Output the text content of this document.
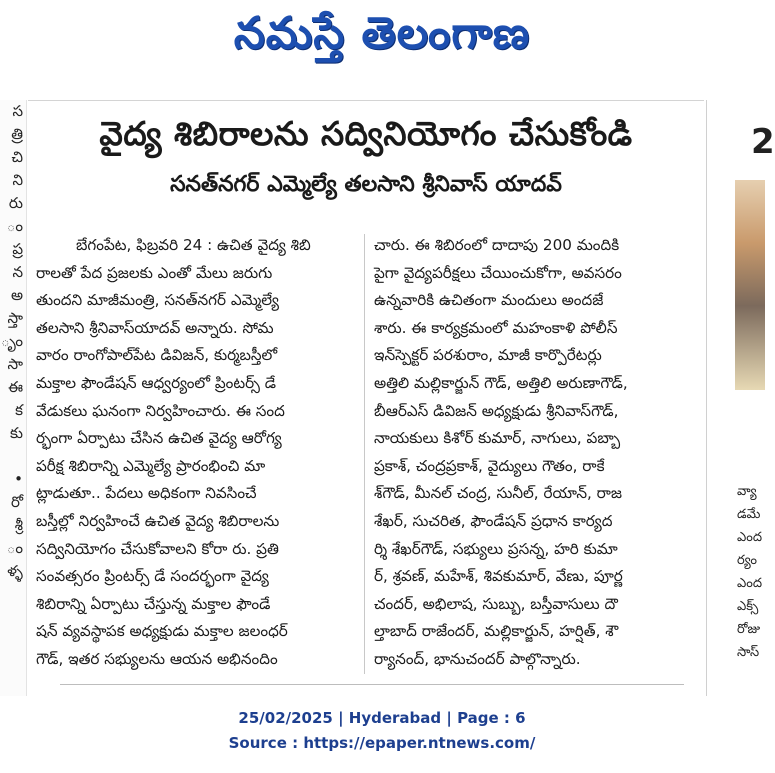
నమస్తే తెలంగాణ
స
త్రి
చి
ని
రు
ం
ప్ర
న
అ
స్తా
ృం
సా
ఈ
క
కు
•
రో
శ్రీ
ం
ళ్ళ
2
వ్యా
డమే
ఎంద
ర్యం
ఎంద
ఎక్స్
రోజు
సాస్
వైద్య శిబిరాలను సద్వినియోగం చేసుకోండి
సనత్‌నగర్ ఎమ్మెల్యే తలసాని శ్రీనివాస్ యాదవ్
బేగంపేట, ఫిబ్రవరి 24 : ఉచిత వైద్య శిబి
రాలతో పేద ప్రజలకు ఎంతో మేలు జరుగు
తుందని మాజీమంత్రి, సనత్‌నగర్ ఎమ్మెల్యే
తలసాని శ్రీనివాస్‌యాదవ్ అన్నారు. సోమ
వారం రాంగోపాల్‌పేట డివిజన్, కుర్మబస్తీలో
మక్తాల ఫౌండేషన్ ఆధ్వర్యంలో ప్రింటర్స్ డే
వేడుకలు ఘనంగా నిర్వహించారు. ఈ సంద
ర్భంగా ఏర్పాటు చేసిన ఉచిత వైద్య ఆరోగ్య
పరీక్ష శిబిరాన్ని ఎమ్మెల్యే ప్రారంభించి మా
ట్లాడుతూ.. పేదలు అధికంగా నివసించే
బస్తీల్లో నిర్వహించే ఉచిత వైద్య శిబిరాలను
సద్వినియోగం చేసుకోవాలని కోరా రు. ప్రతి
సంవత్సరం ప్రింటర్స్ డే సందర్భంగా వైద్య
శిబిరాన్ని ఏర్పాటు చేస్తున్న మక్తాల ఫౌండే
షన్ వ్యవస్థాపక అధ్యక్షుడు మక్తాల జలంధర్
గౌడ్, ఇతర సభ్యులను ఆయన అభినందిం
చారు. ఈ శిబిరంలో దాదాపు 200 మందికి
పైగా వైద్యపరీక్షలు చేయించుకోగా, అవసరం
ఉన్నవారికి ఉచితంగా మందులు అందజే
శారు. ఈ కార్యక్రమంలో మహంకాళి పోలీస్
ఇన్‌స్పెక్టర్ పరశురాం, మాజీ కార్పొరేటర్లు
అత్తిలి మల్లికార్జున్ గౌడ్, అత్తిలి అరుణాగౌడ్,
బీఆర్‌ఎస్ డివిజన్ అధ్యక్షుడు శ్రీనివాస్‌గౌడ్,
నాయకులు కిశోర్ కుమార్, నాగులు, పబ్బా
ప్రకాశ్, చంద్రప్రకాశ్, వైద్యులు గౌతం, రాకే
శ్‌గౌడ్, మీనల్ చంద్ర, సునీల్, రేయాన్, రాజ
శేఖర్, సుచరిత, ఫౌండేషన్ ప్రధాన కార్యద
ర్శి శేఖర్‌గౌడ్, సభ్యులు ప్రసన్న, హరి కుమా
ర్, శ్రవణ్, మహేశ్, శివకుమార్, వేణు, పూర్ణ
చందర్, అభిలాష, సుబ్బు, బస్తీవాసులు దౌ
ల్తాబాద్ రాజేందర్, మల్లికార్జున్, హర్షిత్, శౌ
ర్యానంద్, భానుచందర్ పాల్గొన్నారు.
25/02/2025 | Hyderabad | Page : 6
Source : https://epaper.ntnews.com/
